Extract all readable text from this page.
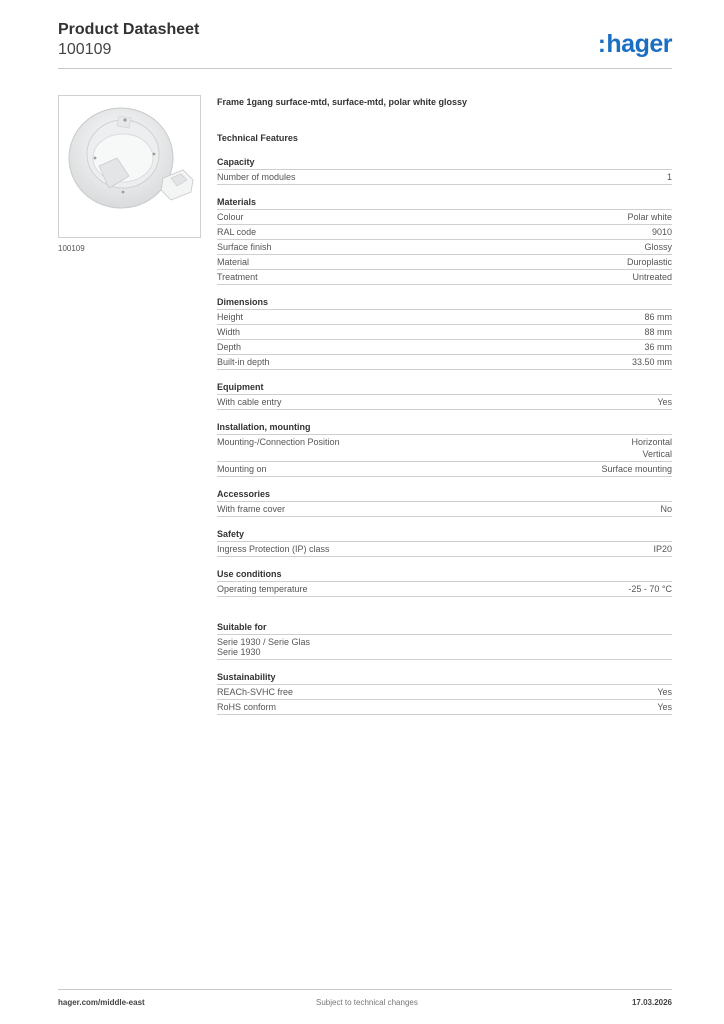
Product Datasheet
100109	:hager
100109
Frame 1gang surface-mtd, surface-mtd, polar white glossy
Technical Features
Capacity
Number of modules	1
Materials
Colour	Polar white
RAL code	9010
Surface finish	Glossy
Material	Duroplastic
Treatment	Untreated
Dimensions
Height	86 mm
Width	88 mm
Depth	36 mm
Built-in depth	33.50 mm
Equipment
With cable entry	Yes
Installation, mounting
Mounting-/Connection Position	Horizontal
Vertical
Mounting on	Surface mounting
Accessories
With frame cover	No
Safety
Ingress Protection (IP) class	IP20
Use conditions
Operating temperature	-25 - 70 °C
Suitable for
Serie 1930 / Serie Glas
Serie 1930
Sustainability
REACh-SVHC free	Yes
RoHS conform	Yes
hager.com/middle-east	Subject to technical changes	17.03.2026
